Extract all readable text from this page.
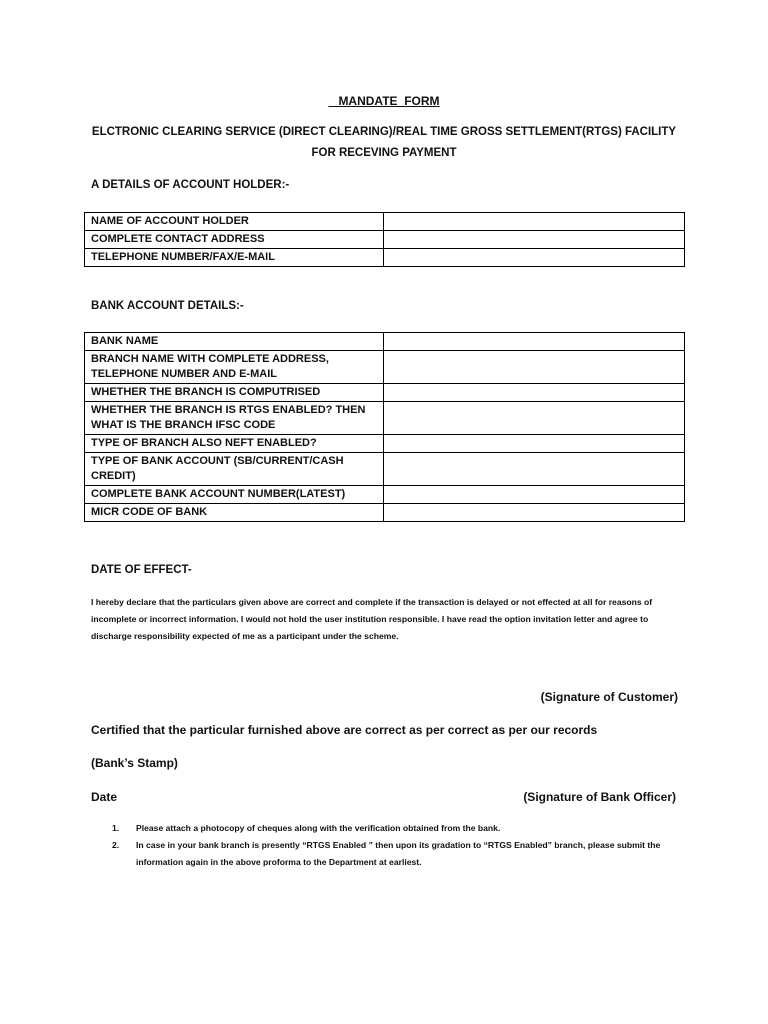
MANDATE  FORM
ELCTRONIC CLEARING SERVICE (DIRECT CLEARING)/REAL TIME GROSS SETTLEMENT(RTGS) FACILITY
FOR RECEVING PAYMENT
A DETAILS OF ACCOUNT HOLDER:-
NAME OF ACCOUNT HOLDER	
COMPLETE CONTACT ADDRESS	
TELEPHONE NUMBER/FAX/E-MAIL	
BANK ACCOUNT DETAILS:-
BANK NAME	
BRANCH NAME WITH COMPLETE ADDRESS, TELEPHONE NUMBER AND E-MAIL	
WHETHER THE BRANCH IS COMPUTRISED	
WHETHER THE BRANCH IS RTGS ENABLED? THEN WHAT IS THE BRANCH IFSC CODE	
TYPE OF BRANCH ALSO NEFT ENABLED?	
TYPE OF BANK ACCOUNT (SB/CURRENT/CASH CREDIT)	
COMPLETE BANK ACCOUNT NUMBER(LATEST)	
MICR CODE OF BANK	
DATE OF EFFECT-
I hereby declare that the particulars given above are correct and complete if the transaction is delayed or not effected at all for reasons of incomplete or incorrect information. I would not hold the user institution responsible. I have read the option invitation letter and agree to discharge responsibility expected of me as a participant under the scheme.
(Signature of Customer)
Certified that the particular furnished above are correct as per correct as per our records
(Bank’s Stamp)
Date	(Signature of Bank Officer)
1.	Please attach a photocopy of cheques along with the verification obtained from the bank.
2.	In case in your bank branch is presently “RTGS Enabled ” then upon its gradation to “RTGS Enabled” branch, please submit the information again in the above proforma to the Department at earliest.
